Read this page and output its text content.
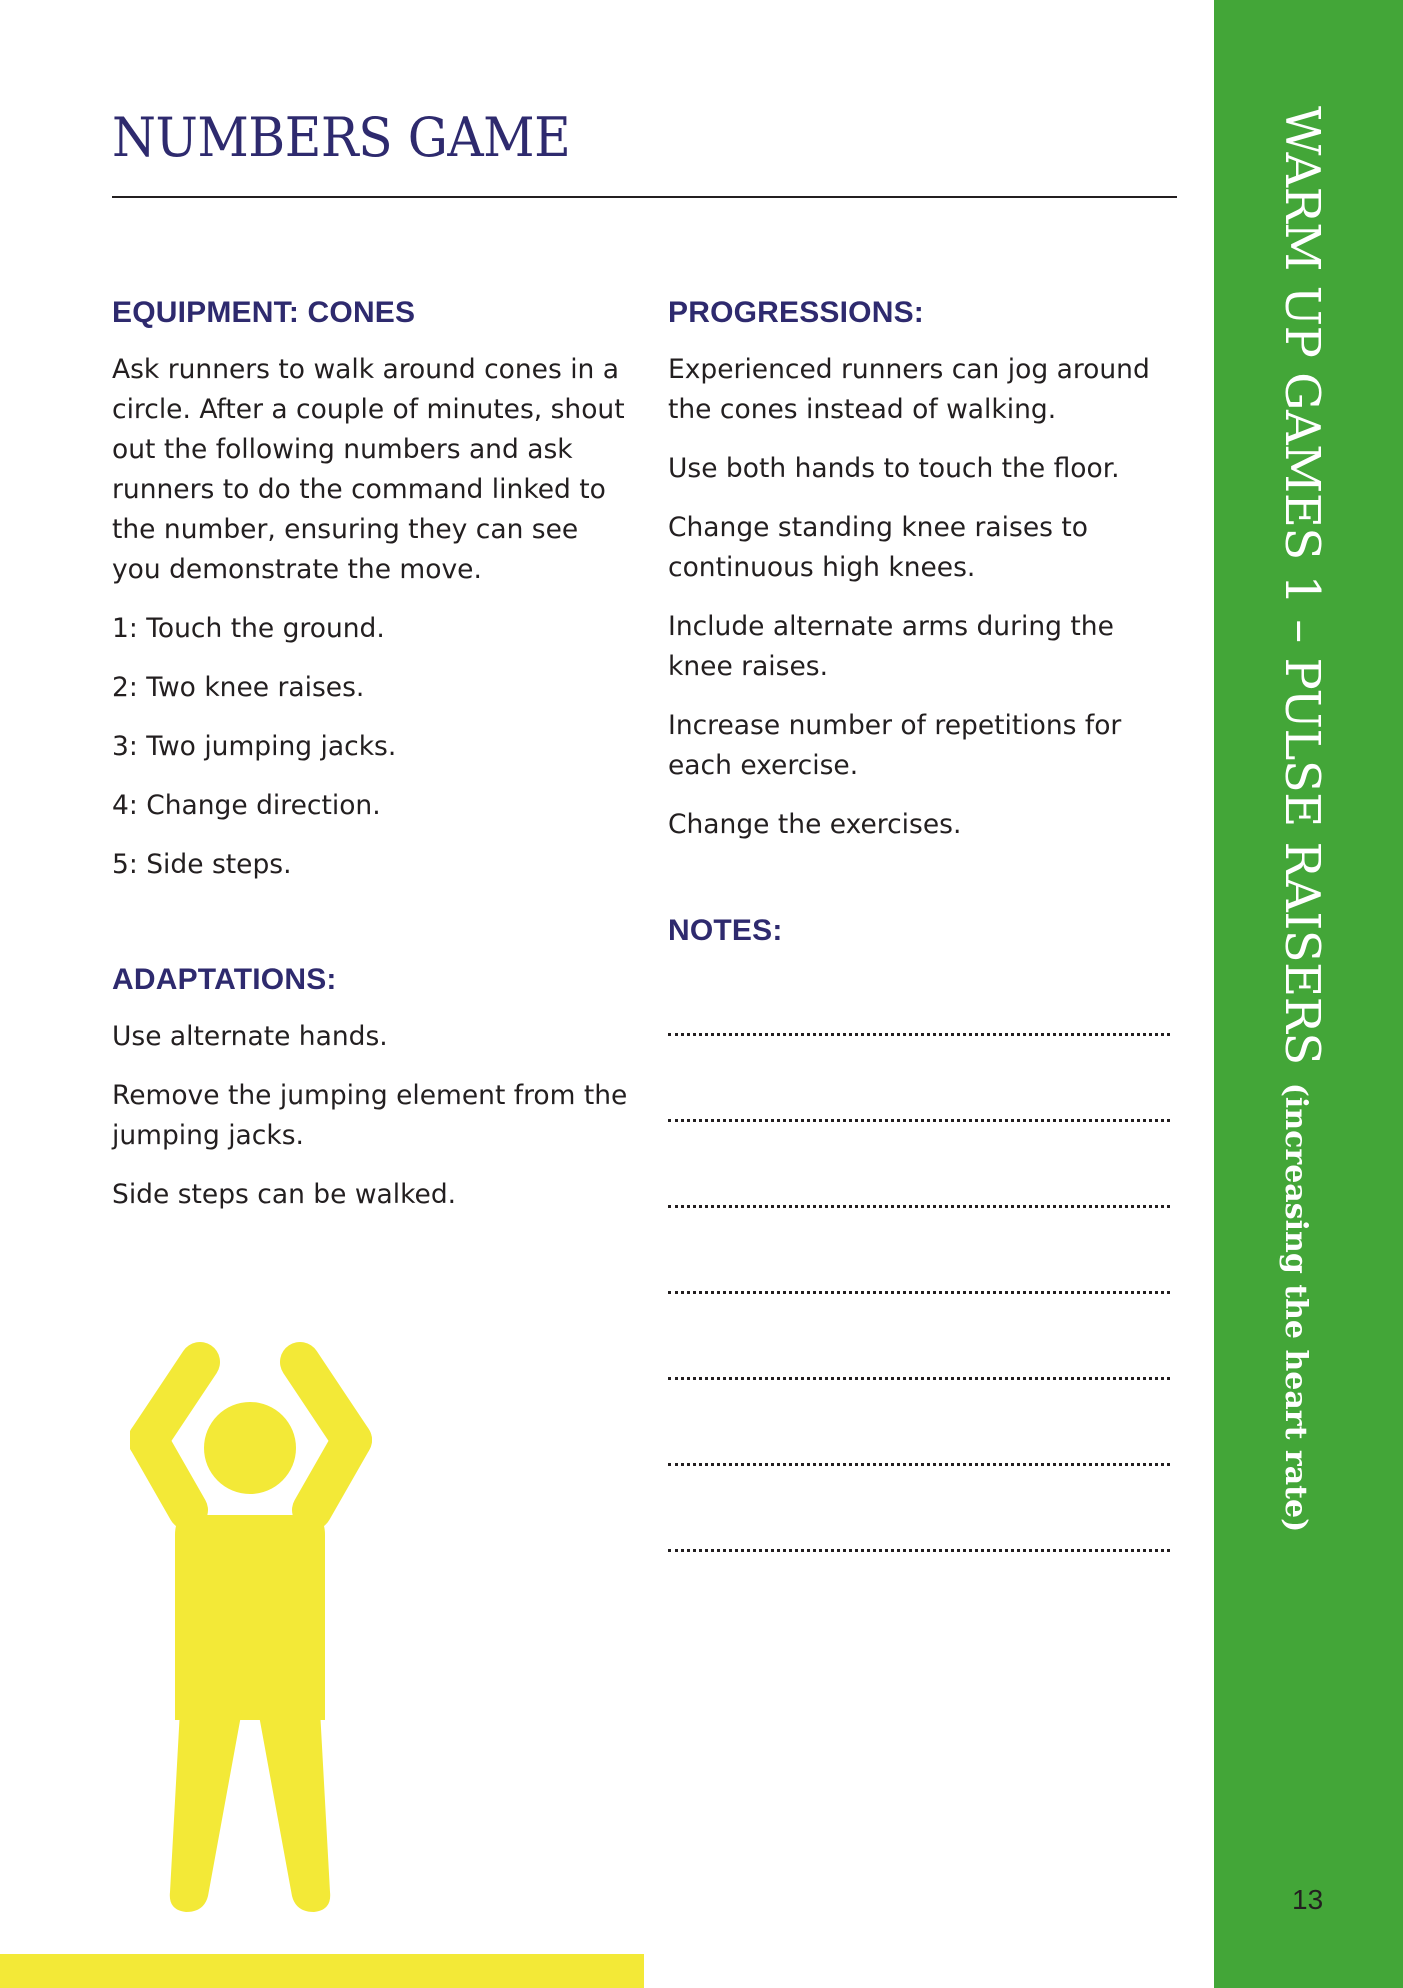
NUMBERS GAME
EQUIPMENT: CONES

Ask runners to walk around cones in a circle. After a couple of minutes, shout out the following numbers and ask runners to do the command linked to the number, ensuring they can see you demonstrate the move.

1: Touch the ground.

2: Two knee raises.

3: Two jumping jacks.

4: Change direction.

5: Side steps.

ADAPTATIONS:

Use alternate hands.

Remove the jumping element from the jumping jacks.

Side steps can be walked.

PROGRESSIONS:

Experienced runners can jog around the cones instead of walking.

Use both hands to touch the floor.

Change standing knee raises to continuous high knees.

Include alternate arms during the knee raises.

Increase number of repetitions for each exercise.

Change the exercises.

NOTES:	WARM UP GAMES 1 – PULSE RAISERS(increasing the heart rate)
13
